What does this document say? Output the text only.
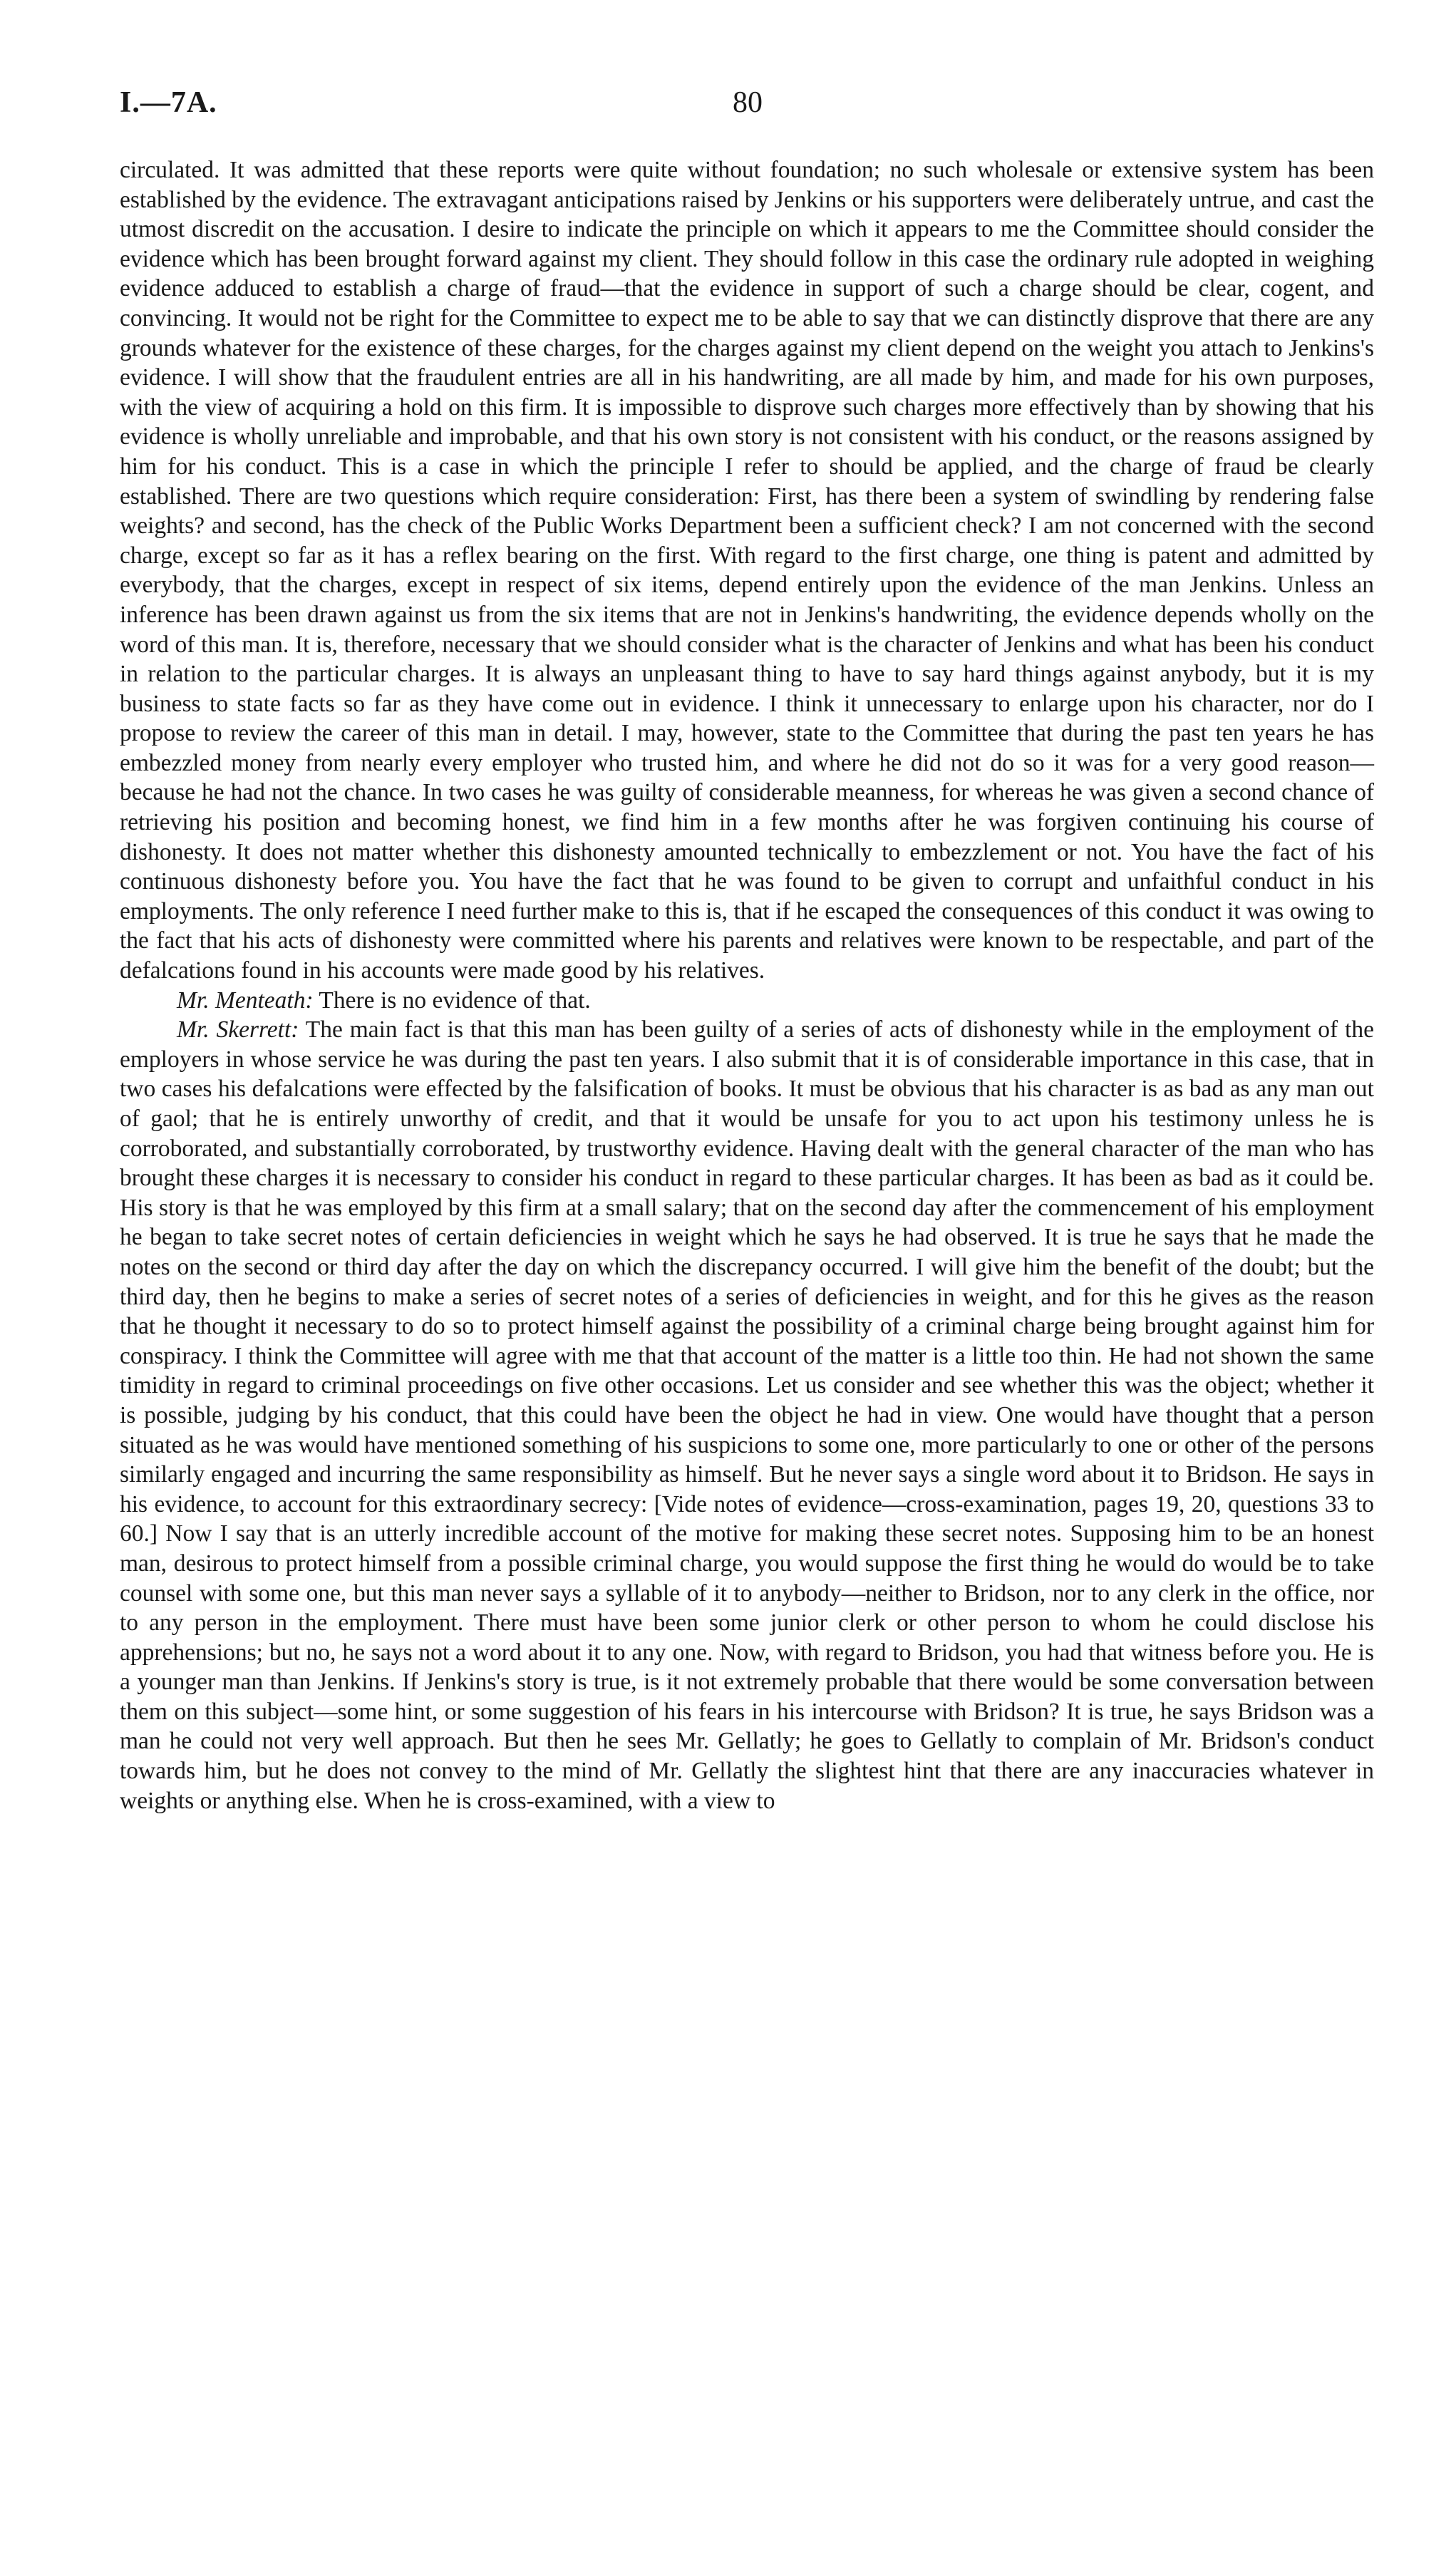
I.—7A.	80

circulated. It was admitted that these reports were quite without foundation; no such wholesale or extensive system has been established by the evidence. The extravagant anticipations raised by Jenkins or his supporters were deliberately untrue, and cast the utmost discredit on the accusation. I desire to indicate the principle on which it appears to me the Committee should consider the evidence which has been brought forward against my client. They should follow in this case the ordinary rule adopted in weighing evidence adduced to establish a charge of fraud—that the evidence in support of such a charge should be clear, cogent, and convincing. It would not be right for the Committee to expect me to be able to say that we can distinctly disprove that there are any grounds whatever for the existence of these charges, for the charges against my client depend on the weight you attach to Jenkins's evidence. I will show that the fraudulent entries are all in his handwriting, are all made by him, and made for his own purposes, with the view of acquiring a hold on this firm. It is impossible to disprove such charges more effectively than by showing that his evidence is wholly unreliable and improbable, and that his own story is not consistent with his conduct, or the reasons assigned by him for his conduct. This is a case in which the principle I refer to should be applied, and the charge of fraud be clearly established. There are two questions which require consideration: First, has there been a system of swindling by rendering false weights? and second, has the check of the Public Works Department been a sufficient check? I am not concerned with the second charge, except so far as it has a reflex bearing on the first. With regard to the first charge, one thing is patent and admitted by everybody, that the charges, except in respect of six items, depend entirely upon the evidence of the man Jenkins. Unless an inference has been drawn against us from the six items that are not in Jenkins's handwriting, the evidence depends wholly on the word of this man. It is, therefore, necessary that we should consider what is the character of Jenkins and what has been his conduct in relation to the particular charges. It is always an unpleasant thing to have to say hard things against anybody, but it is my business to state facts so far as they have come out in evidence. I think it unnecessary to enlarge upon his character, nor do I propose to review the career of this man in detail. I may, however, state to the Committee that during the past ten years he has embezzled money from nearly every employer who trusted him, and where he did not do so it was for a very good reason—because he had not the chance. In two cases he was guilty of considerable meanness, for whereas he was given a second chance of retrieving his position and becoming honest, we find him in a few months after he was forgiven continuing his course of dishonesty. It does not matter whether this dishonesty amounted technically to embezzlement or not. You have the fact of his continuous dishonesty before you. You have the fact that he was found to be given to corrupt and unfaithful conduct in his employments. The only reference I need further make to this is, that if he escaped the consequences of this conduct it was owing to the fact that his acts of dishonesty were committed where his parents and relatives were known to be respectable, and part of the defalcations found in his accounts were made good by his relatives.

Mr. Menteath: There is no evidence of that.

Mr. Skerrett: The main fact is that this man has been guilty of a series of acts of dishonesty while in the employment of the employers in whose service he was during the past ten years. I also submit that it is of considerable importance in this case, that in two cases his defalcations were effected by the falsification of books. It must be obvious that his character is as bad as any man out of gaol; that he is entirely unworthy of credit, and that it would be unsafe for you to act upon his testimony unless he is corroborated, and substantially corroborated, by trustworthy evidence. Having dealt with the general character of the man who has brought these charges it is necessary to consider his conduct in regard to these particular charges. It has been as bad as it could be. His story is that he was employed by this firm at a small salary; that on the second day after the commencement of his employment he began to take secret notes of certain deficiencies in weight which he says he had observed. It is true he says that he made the notes on the second or third day after the day on which the discrepancy occurred. I will give him the benefit of the doubt; but the third day, then he begins to make a series of secret notes of a series of deficiencies in weight, and for this he gives as the reason that he thought it necessary to do so to protect himself against the possibility of a criminal charge being brought against him for conspiracy. I think the Committee will agree with me that that account of the matter is a little too thin. He had not shown the same timidity in regard to criminal proceedings on five other occasions. Let us consider and see whether this was the object; whether it is possible, judging by his conduct, that this could have been the object he had in view. One would have thought that a person situated as he was would have mentioned something of his suspicions to some one, more particularly to one or other of the persons similarly engaged and incurring the same responsibility as himself. But he never says a single word about it to Bridson. He says in his evidence, to account for this extraordinary secrecy: [Vide notes of evidence—cross-examination, pages 19, 20, questions 33 to 60.] Now I say that is an utterly incredible account of the motive for making these secret notes. Supposing him to be an honest man, desirous to protect himself from a possible criminal charge, you would suppose the first thing he would do would be to take counsel with some one, but this man never says a syllable of it to anybody—neither to Bridson, nor to any clerk in the office, nor to any person in the employment. There must have been some junior clerk or other person to whom he could disclose his apprehensions; but no, he says not a word about it to any one. Now, with regard to Bridson, you had that witness before you. He is a younger man than Jenkins. If Jenkins's story is true, is it not extremely probable that there would be some conversation between them on this subject—some hint, or some suggestion of his fears in his intercourse with Bridson? It is true, he says Bridson was a man he could not very well approach. But then he sees Mr. Gellatly; he goes to Gellatly to complain of Mr. Bridson's conduct towards him, but he does not convey to the mind of Mr. Gellatly the slightest hint that there are any inaccuracies whatever in weights or anything else. When he is cross-examined, with a view to
